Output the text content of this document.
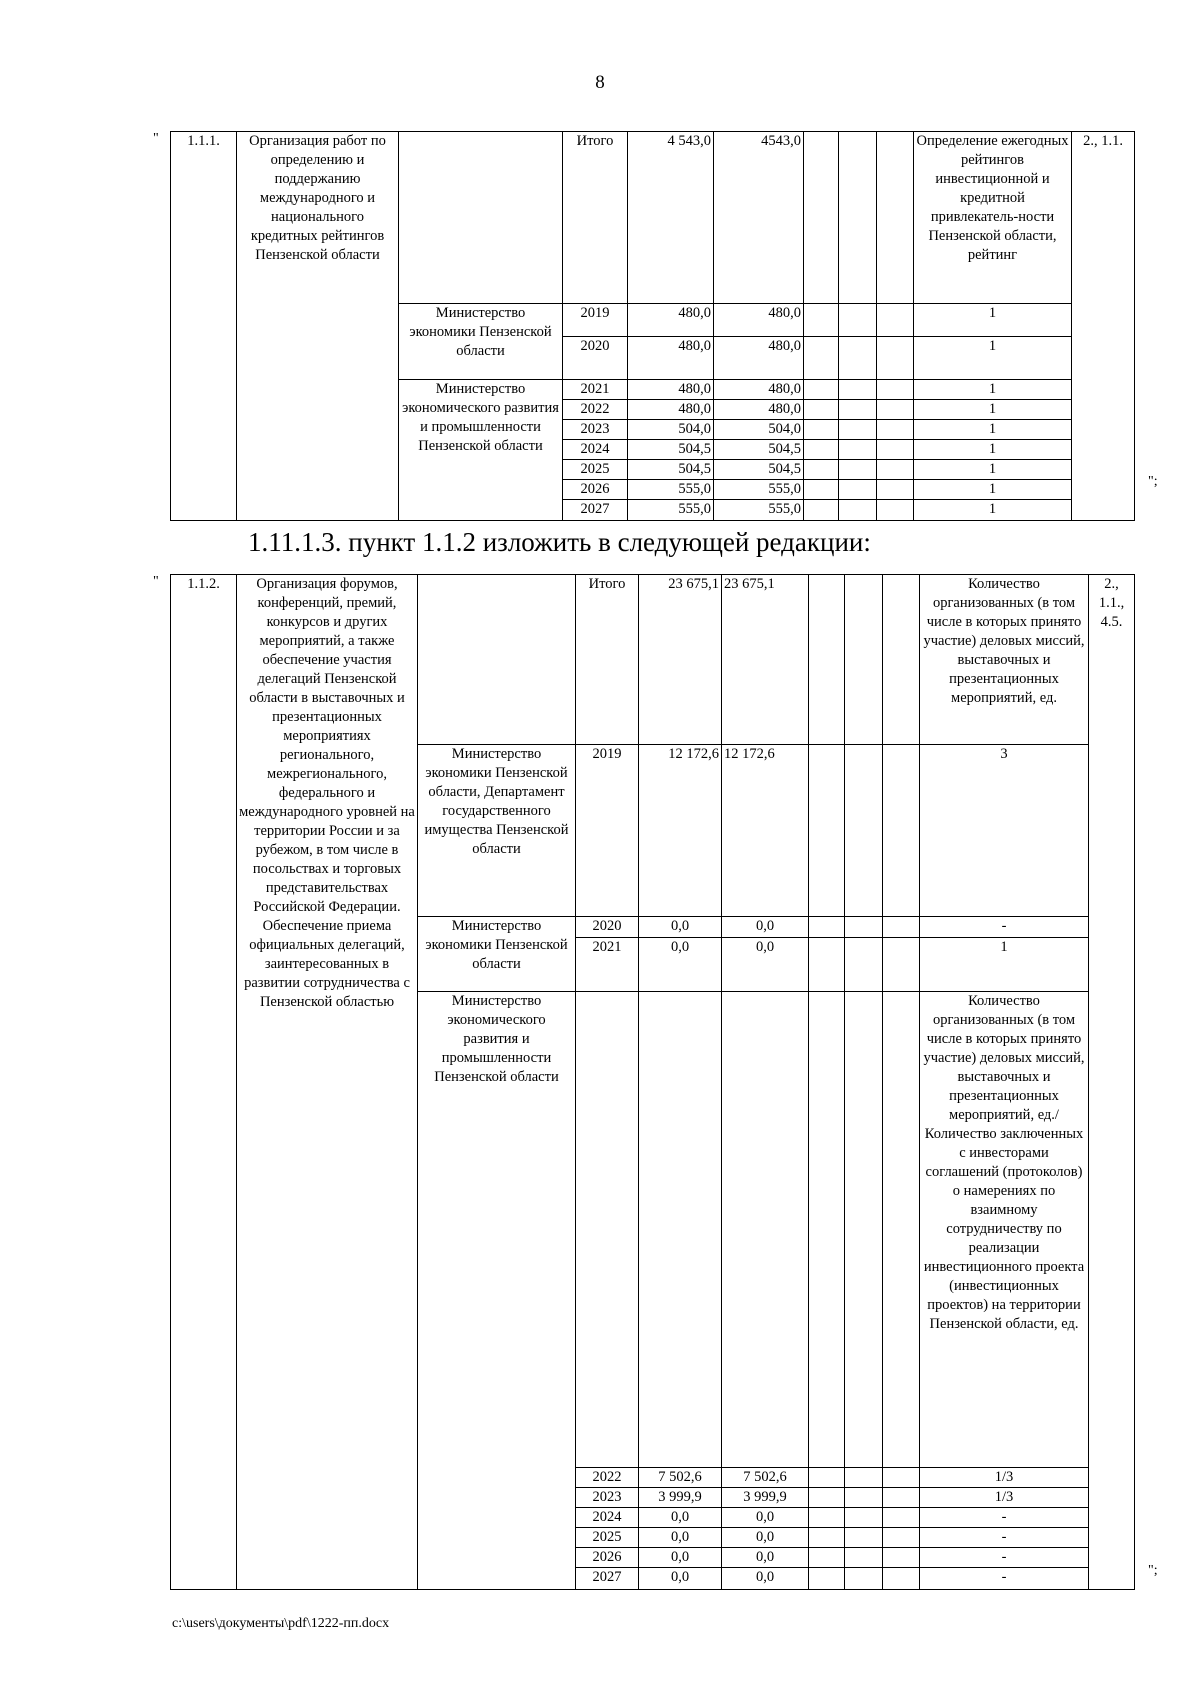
8
" 1.1.1.	Организация работ по определению и поддержанию международного и национального кредитных рейтингов Пензенской области		Итого	4 543,0	4543,0				Определение ежегодных рейтингов инвестиционной и кредитной привлекатель-ности Пензенской области, рейтинг	2., 1.1.
		Министерство экономики Пензенской области	2019	480,0	480,0				1	
			2020	480,0	480,0				1	
		Министерство экономического развития и промышленности Пензенской области	2021	480,0	480,0				1	
			2022	480,0	480,0				1	
			2023	504,0	504,0				1	
			2024	504,5	504,5				1	
			2025	504,5	504,5				1	
			2026	555,0	555,0				1	
			2027	555,0	555,0				1	
";
1.11.1.3. пункт 1.1.2 изложить в следующей редакции:
" 1.1.2.	Организация форумов, конференций, премий, конкурсов и других мероприятий, а также обеспечение участия делегаций Пензенской области в выставочных и презентационных мероприятиях регионального, межрегионального, федерального и международного уровней на территории России и за рубежом, в том числе в посольствах и торговых представительствах Российской Федерации. Обеспечение приема официальных делегаций, заинтересованных в развитии сотрудничества с Пензенской областью		Итого	23 675,1	23 675,1				Количество организованных (в том числе в которых принято участие) деловых миссий, выставочных и презентационных мероприятий, ед.	2., 1.1., 4.5.
		Министерство экономики Пензенской области, Департамент государственного имущества Пензенской области	2019	12 172,6	12 172,6				3	
		Министерство экономики Пензенской области	2020	0,0	0,0				-	
			2021	0,0	0,0				1	
		Министерство экономического развития и промышленности Пензенской области							Количество организованных (в том числе в которых принято участие) деловых миссий, выставочных и презентационных мероприятий, ед./Количество заключенных с инвесторами соглашений (протоколов) о намерениях по взаимному сотрудничеству по реализации инвестиционного проекта (инвестиционных проектов) на территории Пензенской области, ед.	
			2022	7 502,6	7 502,6				1/3	
			2023	3 999,9	3 999,9				1/3	
			2024	0,0	0,0				-	
			2025	0,0	0,0				-	
			2026	0,0	0,0				-	
			2027	0,0	0,0				-		";
c:\users\документы\pdf\1222-пп.docx
